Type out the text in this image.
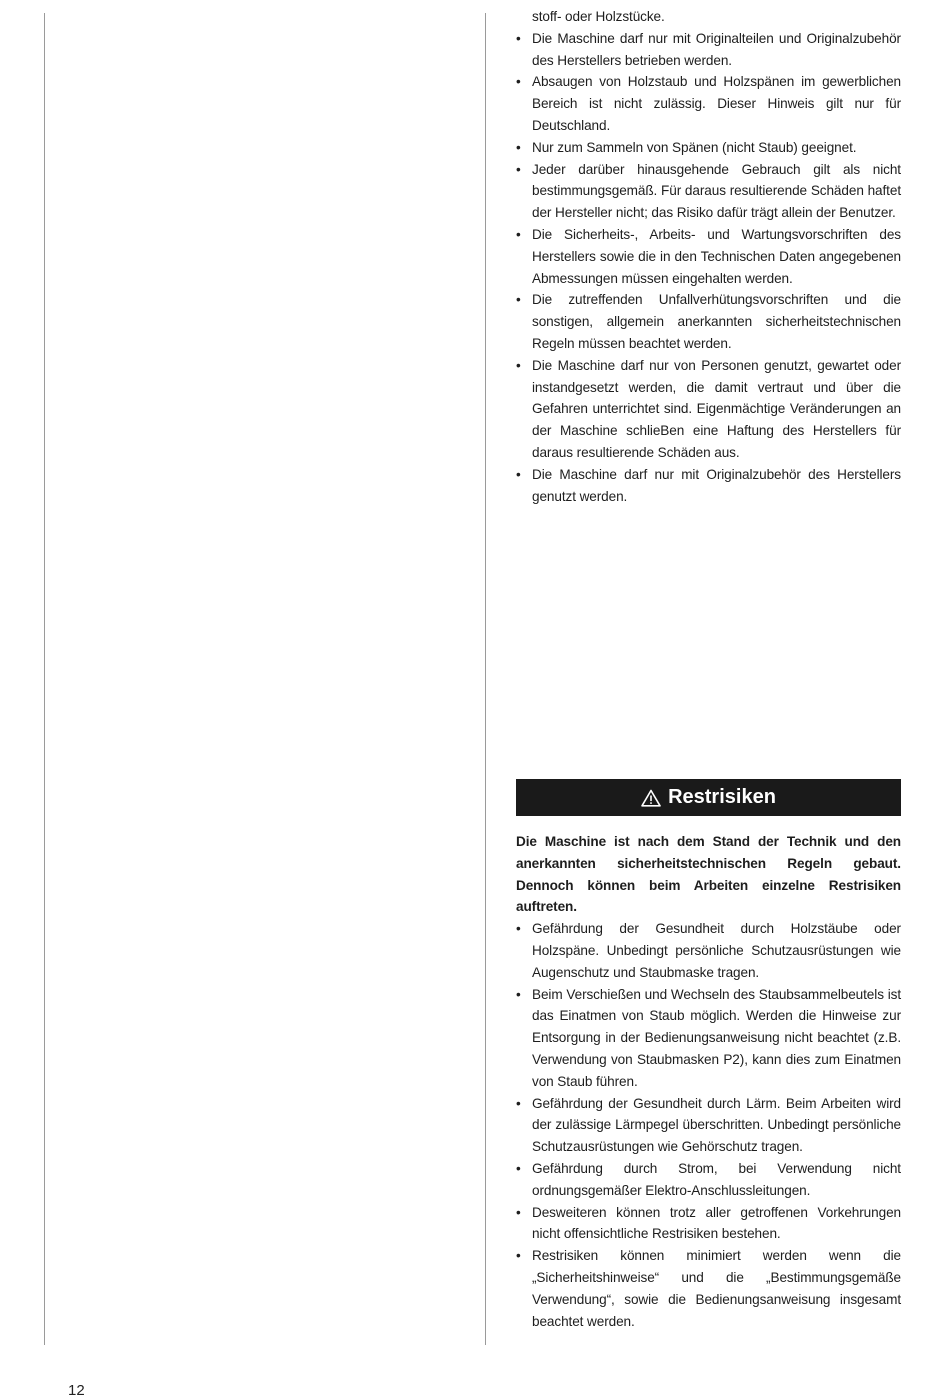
stoff- oder Holzstücke.
• Die Maschine darf nur mit Originalteilen und Originalzubehör des Herstellers betrieben werden.
• Absaugen von Holzstaub und Holzspänen im gewerblichen Bereich ist nicht zulässig. Dieser Hinweis gilt nur für Deutschland.
• Nur zum Sammeln von Spänen (nicht Staub) geeignet.
• Jeder darüber hinausgehende Gebrauch gilt als nicht bestimmungsgemäß. Für daraus resultierende Schäden haftet der Hersteller nicht; das Risiko dafür trägt allein der Benutzer.
• Die Sicherheits-, Arbeits- und Wartungsvorschriften des Herstellers sowie die in den Technischen Daten angegebenen Abmessungen müssen eingehalten werden.
• Die zutreffenden Unfallverhütungsvorschriften und die sonstigen, allgemein anerkannten sicherheitstechnischen Regeln müssen beachtet werden.
• Die Maschine darf nur von Personen genutzt, gewartet oder instandgesetzt werden, die damit vertraut und über die Gefahren unterrichtet sind. Eigenmächtige Veränderungen an der Maschine schlieBen eine Haftung des Herstellers für daraus resultierende Schäden aus.
• Die Maschine darf nur mit Originalzubehör des Herstellers genutzt werden.
Restrisiken
Die Maschine ist nach dem Stand der Technik und den anerkannten sicherheitstechnischen Regeln gebaut. Dennoch können beim Arbeiten einzelne Restrisiken auftreten.
• Gefährdung der Gesundheit durch Holzstäube oder Holzspäne. Unbedingt persönliche Schutzausrüstungen wie Augenschutz und Staubmaske tragen.
• Beim Verschießen und Wechseln des Staubsammelbeutels ist das Einatmen von Staub möglich. Werden die Hinweise zur Entsorgung in der Bedienungsanweisung nicht beachtet (z.B. Verwendung von Staubmasken P2), kann dies zum Einatmen von Staub führen.
• Gefährdung der Gesundheit durch Lärm. Beim Arbeiten wird der zulässige Lärmpegel überschritten. Unbedingt persönliche Schutzausrüstungen wie Gehörschutz tragen.
• Gefährdung durch Strom, bei Verwendung nicht ordnungsgemäßer Elektro-Anschlussleitungen.
• Desweiteren können trotz aller getroffenen Vorkehrungen nicht offensichtliche Restrisiken bestehen.
• Restrisiken können minimiert werden wenn die „Sicherheitshinweise“ und die „Bestimmungsgemäße Verwendung“, sowie die Bedienungsanweisung insgesamt beachtet werden.
12
